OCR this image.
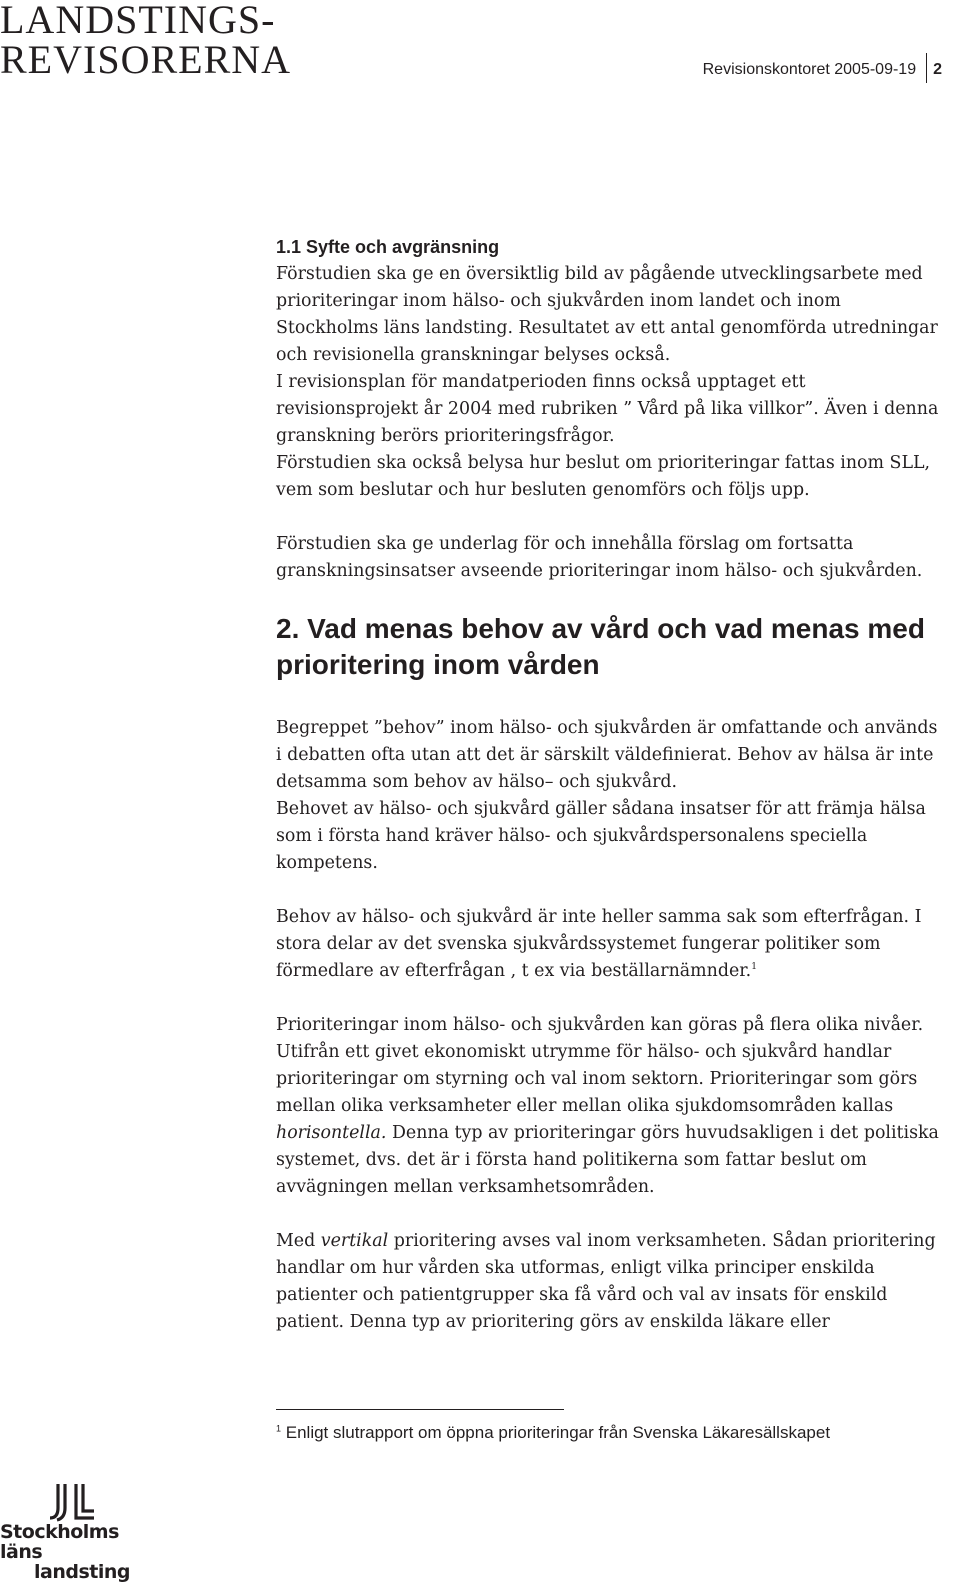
LANDSTINGS-
REVISORERNA	Revisionskontoret 2005-09-19 2
1.1 Syfte och avgränsning

Förstudien ska ge en översiktlig bild av pågående utvecklingsarbete med prioriteringar inom hälso- och sjukvården inom landet och inom Stockholms läns landsting. Resultatet av ett antal genomförda utredningar och revisionella granskningar belyses också.

I revisionsplan för mandatperioden finns också upptaget ett revisionsprojekt år 2004 med rubriken ” Vård på lika villkor”. Även i denna granskning berörs prioriteringsfrågor.

Förstudien ska också belysa hur beslut om prioriteringar fattas inom SLL, vem som beslutar och hur besluten genomförs och följs upp.

Förstudien ska ge underlag för och innehålla förslag om fortsatta granskningsinsatser avseende prioriteringar inom hälso- och sjukvården.

2. Vad menas behov av vård och vad menas med prioritering inom vården

Begreppet ”behov” inom hälso- och sjukvården är omfattande och används i debatten ofta utan att det är särskilt väldefinierat. Behov av hälsa är inte detsamma som behov av hälso– och sjukvård.

Behovet av hälso- och sjukvård gäller sådana insatser för att främja hälsa som i första hand kräver hälso- och sjukvårdspersonalens speciella kompetens.

Behov av hälso- och sjukvård är inte heller samma sak som efterfrågan. I stora delar av det svenska sjukvårdssystemet fungerar politiker som förmedlare av efterfrågan , t ex via beställarnämnder.$^1$

Prioriteringar inom hälso- och sjukvården kan göras på flera olika nivåer. Utifrån ett givet ekonomiskt utrymme för hälso- och sjukvård handlar prioriteringar om styrning och val inom sektorn. Prioriteringar som görs mellan olika verksamheter eller mellan olika sjukdomsområden kallas horisontella. Denna typ av prioriteringar görs huvudsakligen i det politiska systemet, dvs. det är i första hand politikerna som fattar beslut om avvägningen mellan verksamhetsområden.

Med vertikal prioritering avses val inom verksamheten. Sådan prioritering handlar om hur vården ska utformas, enligt vilka principer enskilda patienter och patientgrupper ska få vård och val av insats för enskild patient. Denna typ av prioritering görs av enskilda läkare eller

$^1$ Enligt slutrapport om öppna prioriteringar från Svenska Läkaresällskapet
Stockholms läns
landsting
